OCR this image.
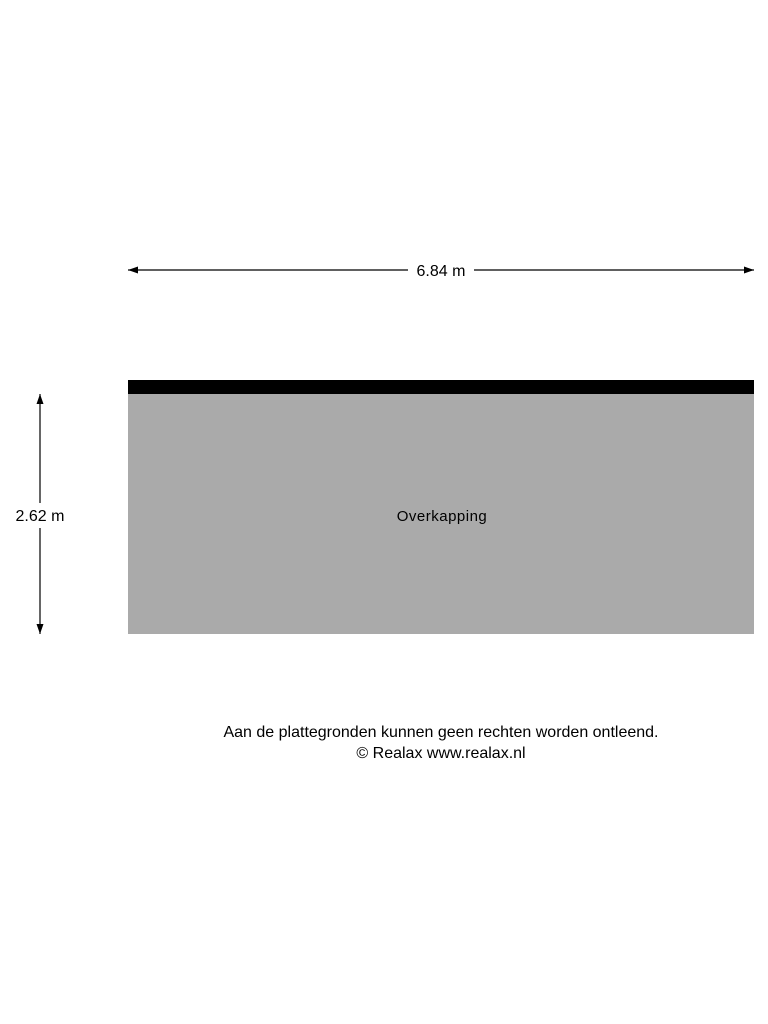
6.84 m
2.62 m	Overkapping
Aan de plattegronden kunnen geen rechten worden ontleend.
© Realax www.realax.nl
